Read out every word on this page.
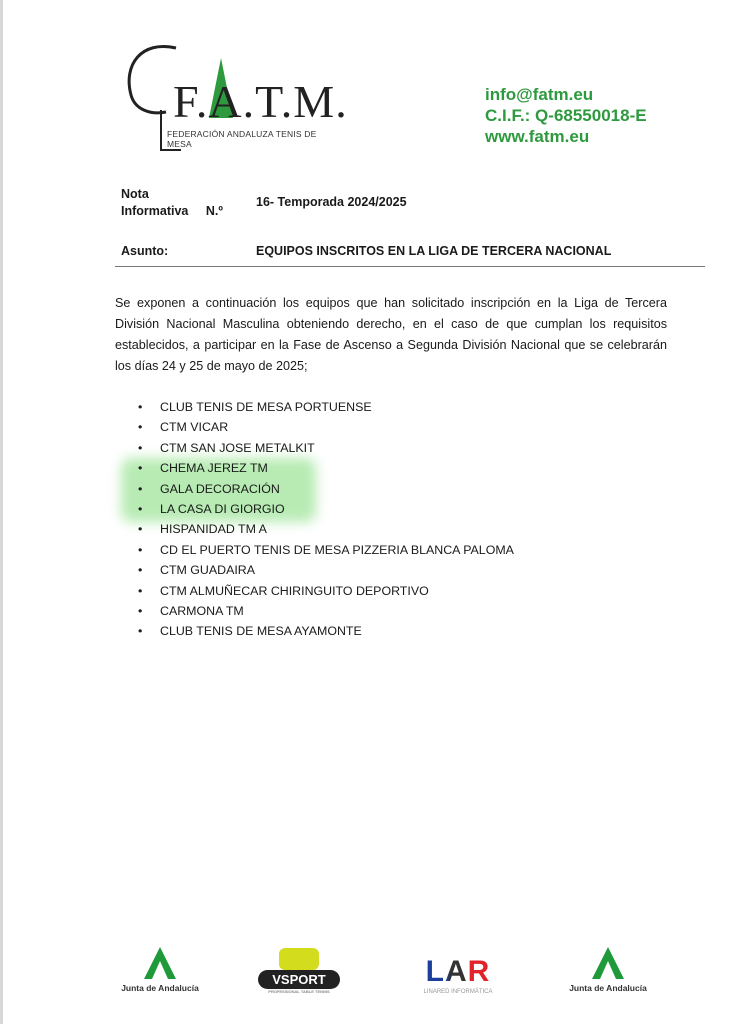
F.A.T.M.
FEDERACIÓN ANDALUZA TENIS DE MESA
info@fatm.eu
C.I.F.: Q-68550018-E
www.fatm.eu
Nota Informativa N.º
16- Temporada 2024/2025
Asunto:	EQUIPOS INSCRITOS EN LA LIGA DE TERCERA NACIONAL

Se exponen a continuación los equipos que han solicitado inscripción en la Liga de Tercera División Nacional Masculina obteniendo derecho, en el caso de que cumplan los requisitos establecidos, a participar en la Fase de Ascenso a Segunda División Nacional que se celebrarán los días 24 y 25 de mayo de 2025;

• CLUB TENIS DE MESA PORTUENSE
• CTM VICAR
• CTM SAN JOSE METALKIT
• CHEMA JEREZ TM
• GALA DECORACIÓN
• LA CASA DI GIORGIO
• HISPANIDAD TM A
• CD EL PUERTO TENIS DE MESA PIZZERIA BLANCA PALOMA
• CTM GUADAIRA
• CTM ALMUÑECAR CHIRINGUITO DEPORTIVO
• CARMONA TM
• CLUB TENIS DE MESA AYAMONTE
Junta de Andalucía
VSPORT
PROFESSIONAL TABLE TENNIS
LAR
LINARED INFORMÁTICA	Junta de Andalucía
